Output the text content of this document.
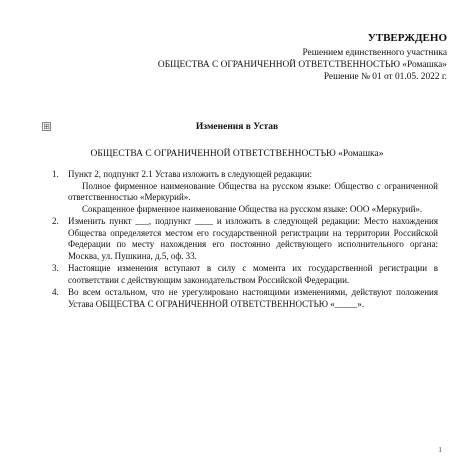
УТВЕРЖДЕНО
Решением единственного участника
ОБЩЕСТВА С ОГРАНИЧЕННОЙ ОТВЕТСТВЕННОСТЬЮ «Ромашка»
Решение № 01 от 01.05. 2022 г.
⊞	Изменения в Устав
ОБЩЕСТВА С ОГРАНИЧЕННОЙ ОТВЕТСТВЕННОСТЬЮ «Ромашка»
1.	Пункт 2, подпункт 2.1 Устава изложить в следующей редакции:

Полное фирменное наименование Общества на русском языке: Общество с ограниченной ответственностью «Меркурий».

Сокращенное фирменное наименование Общества на русском языке: ООО «Меркурий».

2.	Изменить пункт ___, подпункт ____ и изложить в следующей редакции: Место нахождения Общества определяется местом его государственной регистрации на территории Российской Федерации по месту нахождения его постоянно действующего исполнительного органа: Москва, ул. Пушкина, д.5, оф. 33.

3.	Настоящие изменения вступают в силу с момента их государственной регистрации в соответствии с действующим законодательством Российской Федерации.

4.	Во всем остальном, что не урегулировано настоящими изменениями, действуют положения Устава ОБЩЕСТВА С ОГРАНИЧЕННОЙ ОТВЕТСТВЕННОСТЬЮ «_____».

1
